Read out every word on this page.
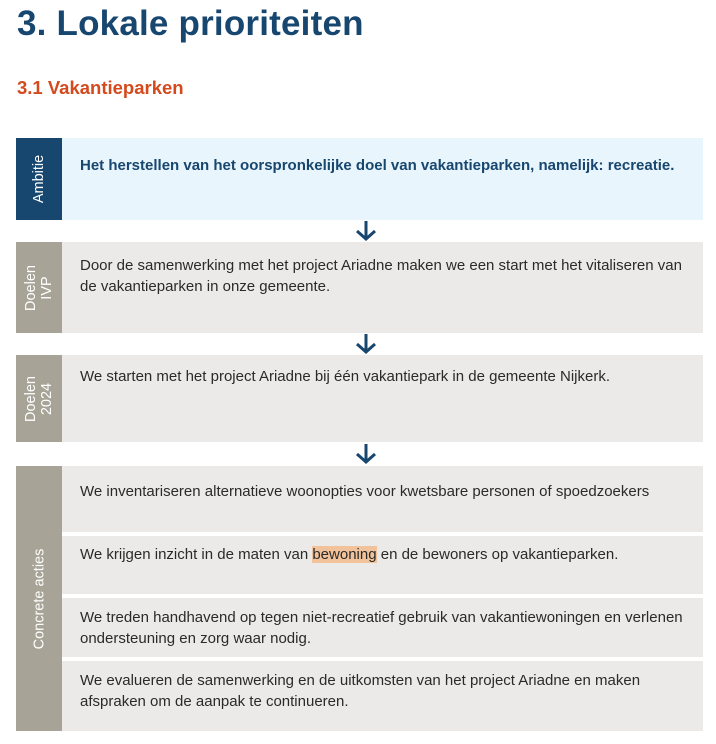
3. Lokale prioriteiten
3.1 Vakantieparken
Ambitie Het herstellen van het oorspronkelijke doel van vakantieparken, namelijk: recreatie.
Doelen IVP
Door de samenwerking met het project Ariadne maken we een start met het vitaliseren van de vakantieparken in onze gemeente.
Doelen 2024
We starten met het project Ariadne bij één vakantiepark in de gemeente Nijkerk.
Concrete acties
We inventariseren alternatieve woonopties voor kwetsbare personen of spoedzoekers
We krijgen inzicht in de maten van bewoning en de bewoners op vakantieparken.
We treden handhavend op tegen niet-recreatief gebruik van vakantiewoningen en verlenen ondersteuning en zorg waar nodig.
We evalueren de samenwerking en de uitkomsten van het project Ariadne en maken afspraken om de aanpak te continueren.
